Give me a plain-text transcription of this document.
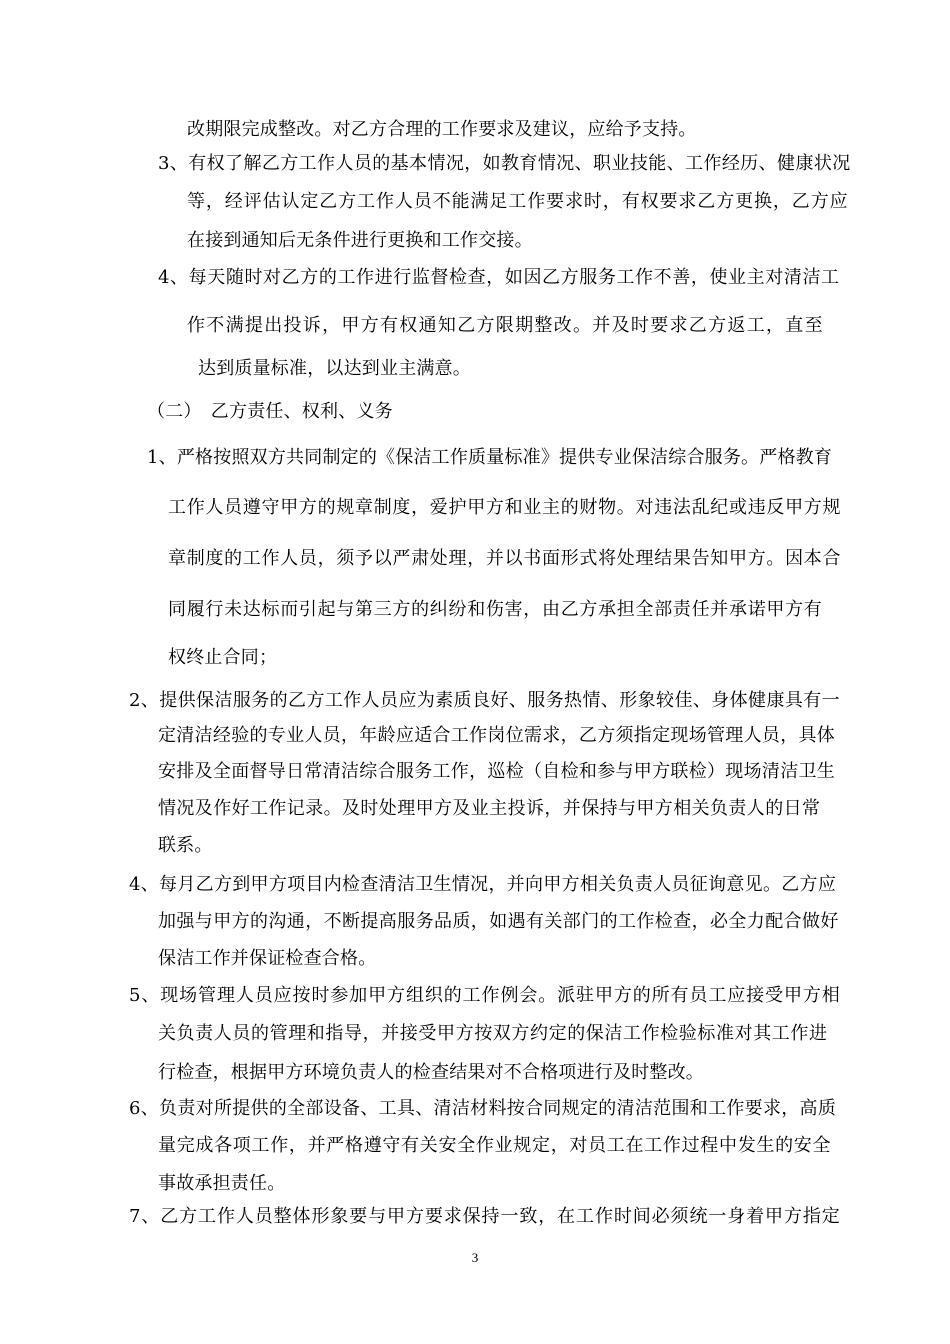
改期限完成整改。对乙方合理的工作要求及建议，应给予支持。
3、有权了解乙方工作人员的基本情况，如教育情况、职业技能、工作经历、健康状况
等，经评估认定乙方工作人员不能满足工作要求时，有权要求乙方更换，乙方应
在接到通知后无条件进行更换和工作交接。
4、每天随时对乙方的工作进行监督检查，如因乙方服务工作不善，使业主对清洁工
作不满提出投诉，甲方有权通知乙方限期整改。并及时要求乙方返工，直至
达到质量标准，以达到业主满意。
（二）　乙方责任、权利、义务
1、严格按照双方共同制定的《保洁工作质量标准》提供专业保洁综合服务。严格教育
工作人员遵守甲方的规章制度，爱护甲方和业主的财物。对违法乱纪或违反甲方规
章制度的工作人员，须予以严肃处理，并以书面形式将处理结果告知甲方。因本合
同履行未达标而引起与第三方的纠纷和伤害，由乙方承担全部责任并承诺甲方有
权终止合同；
2、提供保洁服务的乙方工作人员应为素质良好、服务热情、形象较佳、身体健康具有一
定清洁经验的专业人员，年龄应适合工作岗位需求，乙方须指定现场管理人员，具体
安排及全面督导日常清洁综合服务工作，巡检（自检和参与甲方联检）现场清洁卫生
情况及作好工作记录。及时处理甲方及业主投诉，并保持与甲方相关负责人的日常
联系。
4、每月乙方到甲方项目内检查清洁卫生情况，并向甲方相关负责人员征询意见。乙方应
加强与甲方的沟通，不断提高服务品质，如遇有关部门的工作检查，必全力配合做好
保洁工作并保证检查合格。
5、现场管理人员应按时参加甲方组织的工作例会。派驻甲方的所有员工应接受甲方相
关负责人员的管理和指导，并接受甲方按双方约定的保洁工作检验标准对其工作进
行检查，根据甲方环境负责人的检查结果对不合格项进行及时整改。
6、负责对所提供的全部设备、工具、清洁材料按合同规定的清洁范围和工作要求，高质
量完成各项工作，并严格遵守有关安全作业规定，对员工在工作过程中发生的安全
事故承担责任。
7、乙方工作人员整体形象要与甲方要求保持一致，在工作时间必须统一身着甲方指定
3
